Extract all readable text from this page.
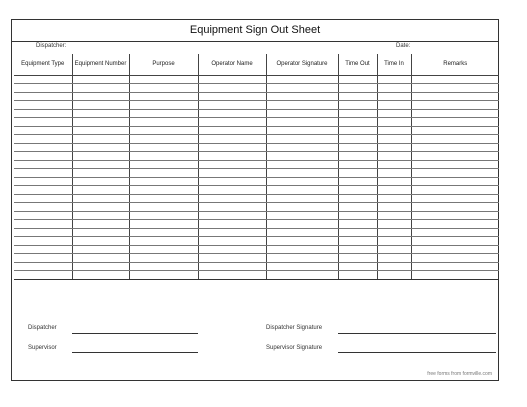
Equipment Sign Out Sheet
Dispatcher:	Date:
Equipment Type	Equipment Number	Purpose	Operator Name	Operator Signature	Time Out	Time In	Remarks

Dispatcher	Dispatcher Signature
Supervisor	Supervisor Signature
free forms from formville.com
